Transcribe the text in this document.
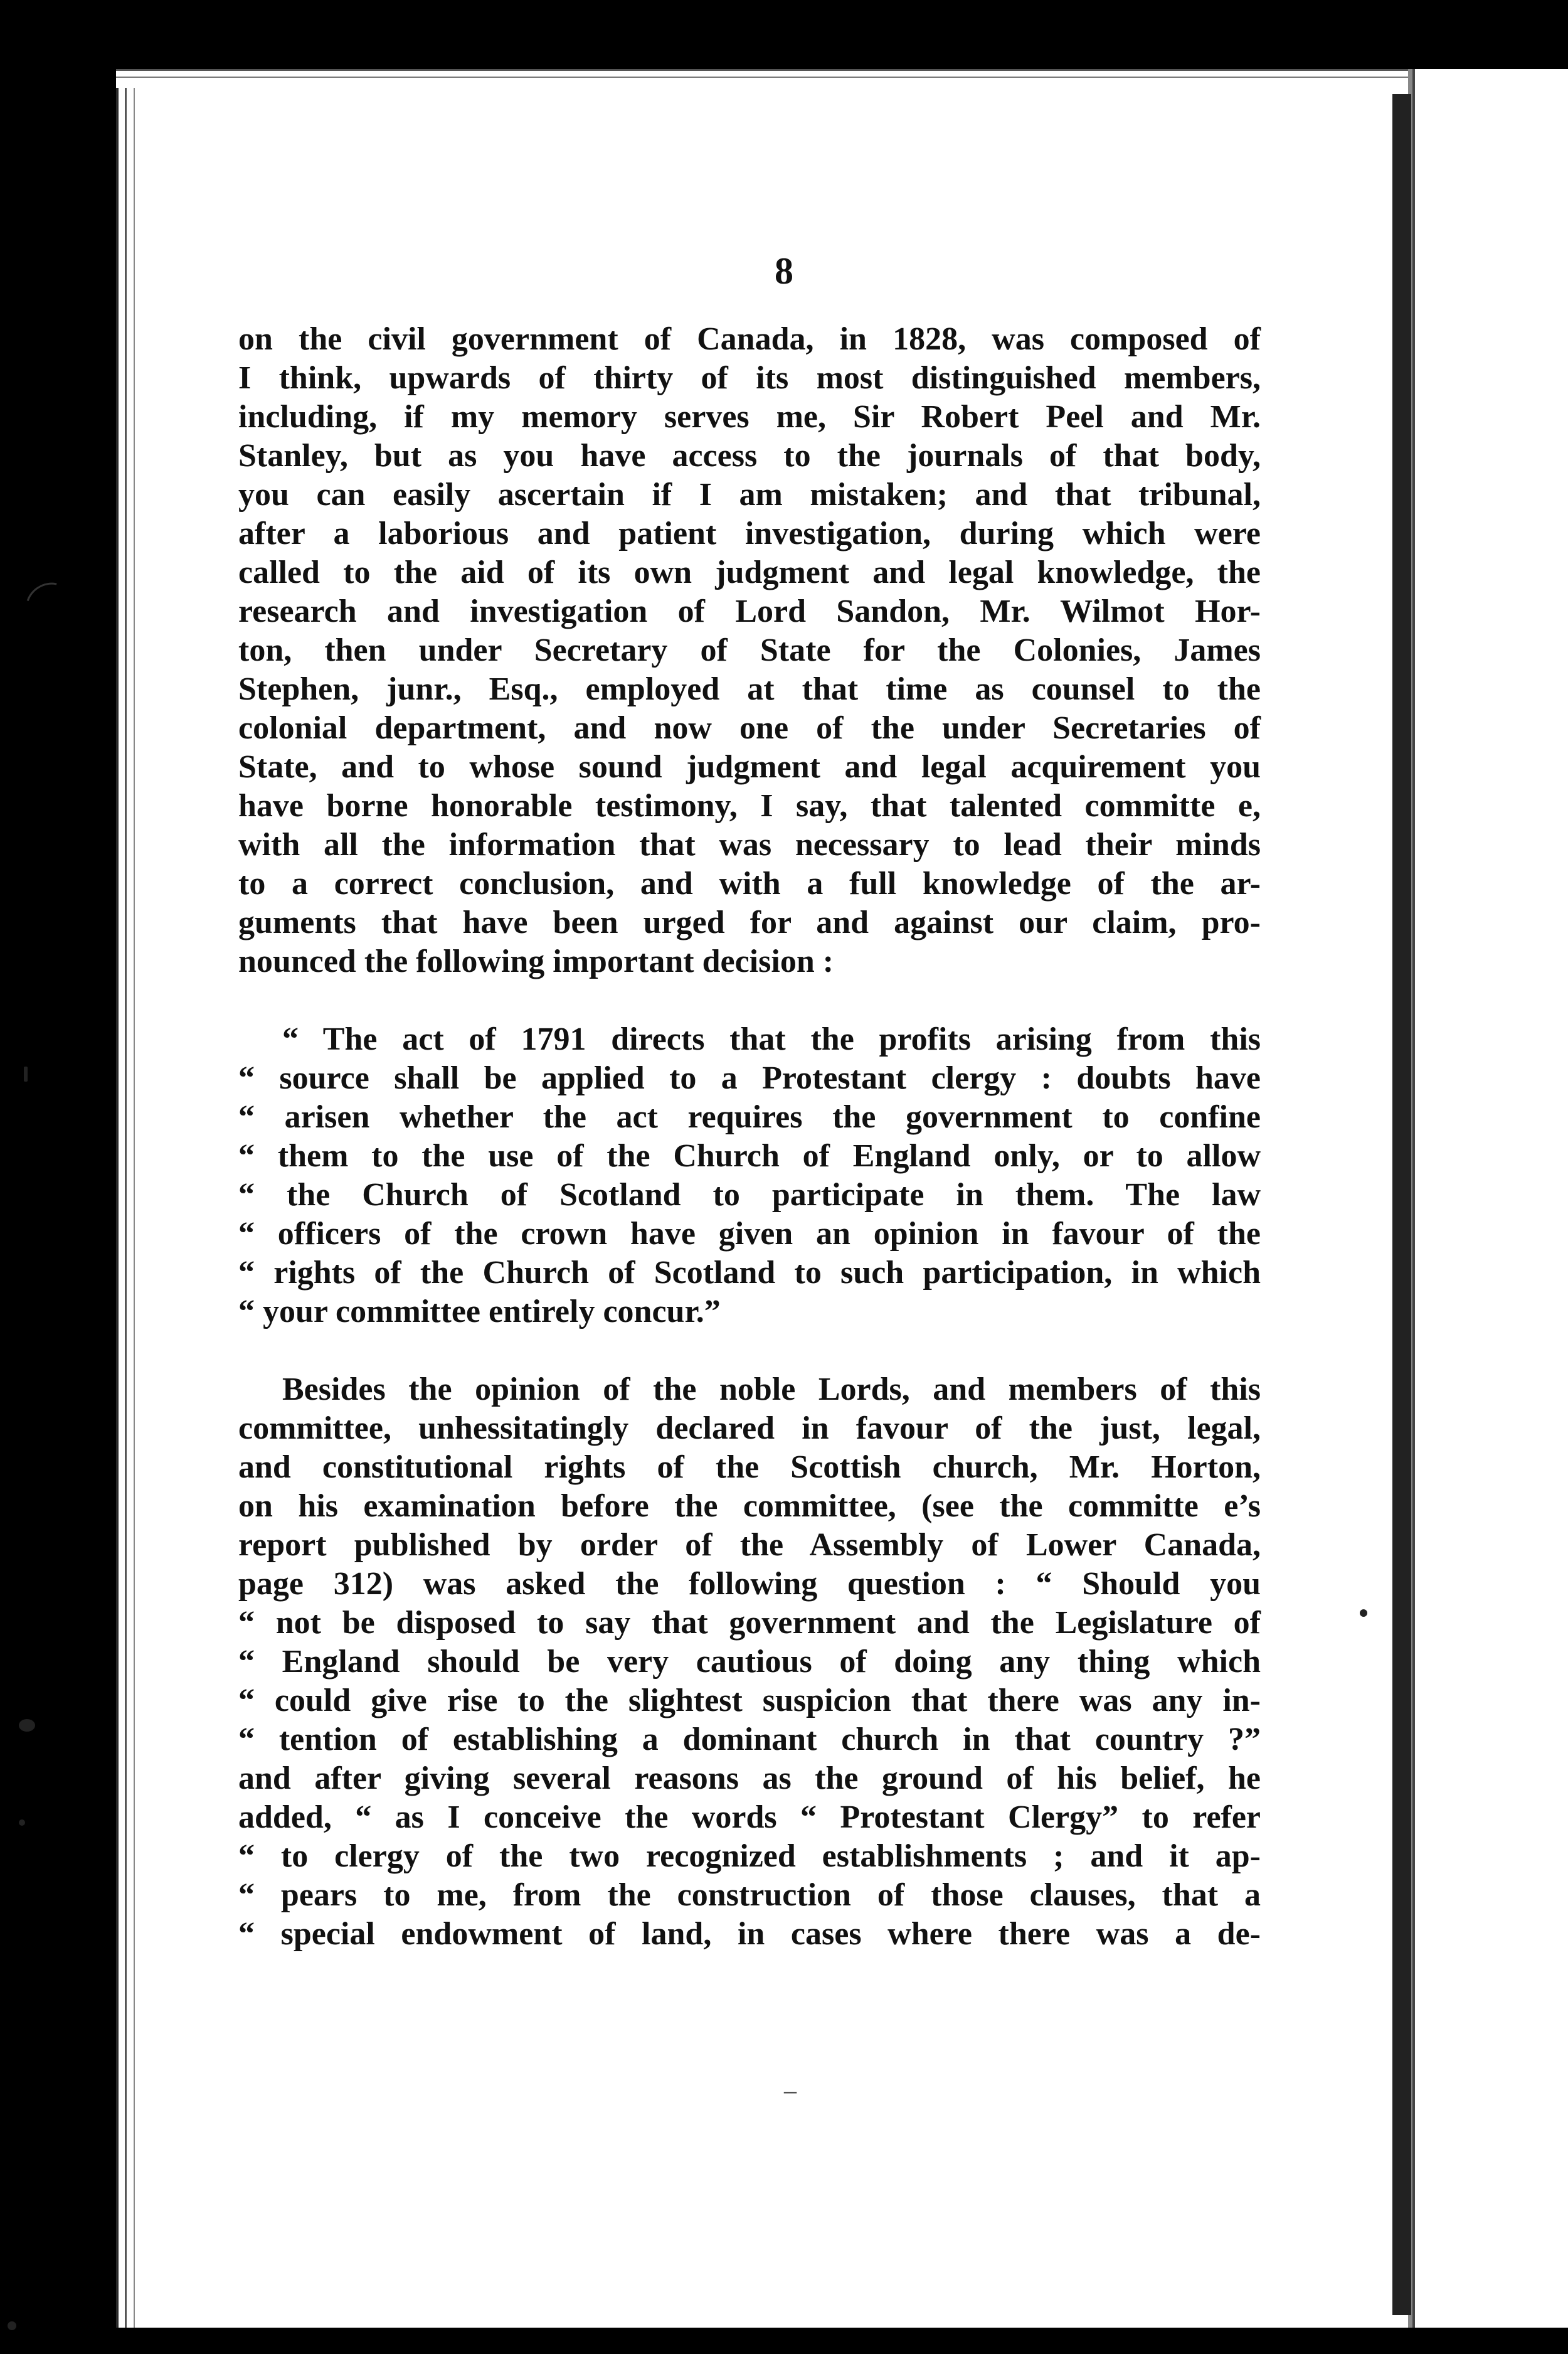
8
on the civil government of Canada, in 1828, was composed of
I think, upwards of thirty of its most distinguished members,
including, if my memory serves me, Sir Robert Peel and Mr.
Stanley, but as you have access to the journals of that body,
you can easily ascertain if I am mistaken; and that tribunal,
after a laborious and patient investigation, during which were
called to the aid of its own judgment and legal knowledge, the
research and investigation of Lord Sandon, Mr. Wilmot Hor-
ton, then under Secretary of State for the Colonies, James
Stephen, junr., Esq., employed at that time as counsel to the
colonial department, and now one of the under Secretaries of
State, and to whose sound judgment and legal acquirement you
have borne honorable testimony, I say, that talented committe e,
with all the information that was necessary to lead their minds
to a correct conclusion, and with a full knowledge of the ar-
guments that have been urged for and against our claim, pro-
nounced the following important decision :
“ The act of 1791 directs that the profits arising from this
“ source shall be applied to a Protestant clergy : doubts have
“ arisen whether the act requires the government to confine
“ them to the use of the Church of England only, or to allow
“ the Church of Scotland to participate in them. The law
“ officers of the crown have given an opinion in favour of the
“ rights of the Church of Scotland to such participation, in which
“ your committee entirely concur.”
Besides the opinion of the noble Lords, and members of this
committee, unhessitatingly declared in favour of the just, legal,
and constitutional rights of the Scottish church, Mr. Horton,
on his examination before the committee, (see the committe e’s
report published by order of the Assembly of Lower Canada,
page 312) was asked the following question : “ Should you
“ not be disposed to say that government and the Legislature of
“ England should be very cautious of doing any thing which
“ could give rise to the slightest suspicion that there was any in-
“ tention of establishing a dominant church in that country ?”
and after giving several reasons as the ground of his belief, he
added, “ as I conceive the words “ Protestant Clergy” to refer
“ to clergy of the two recognized establishments ; and it ap-
“ pears to me, from the construction of those clauses, that a
“ special endowment of land, in cases where there was a de-
–
